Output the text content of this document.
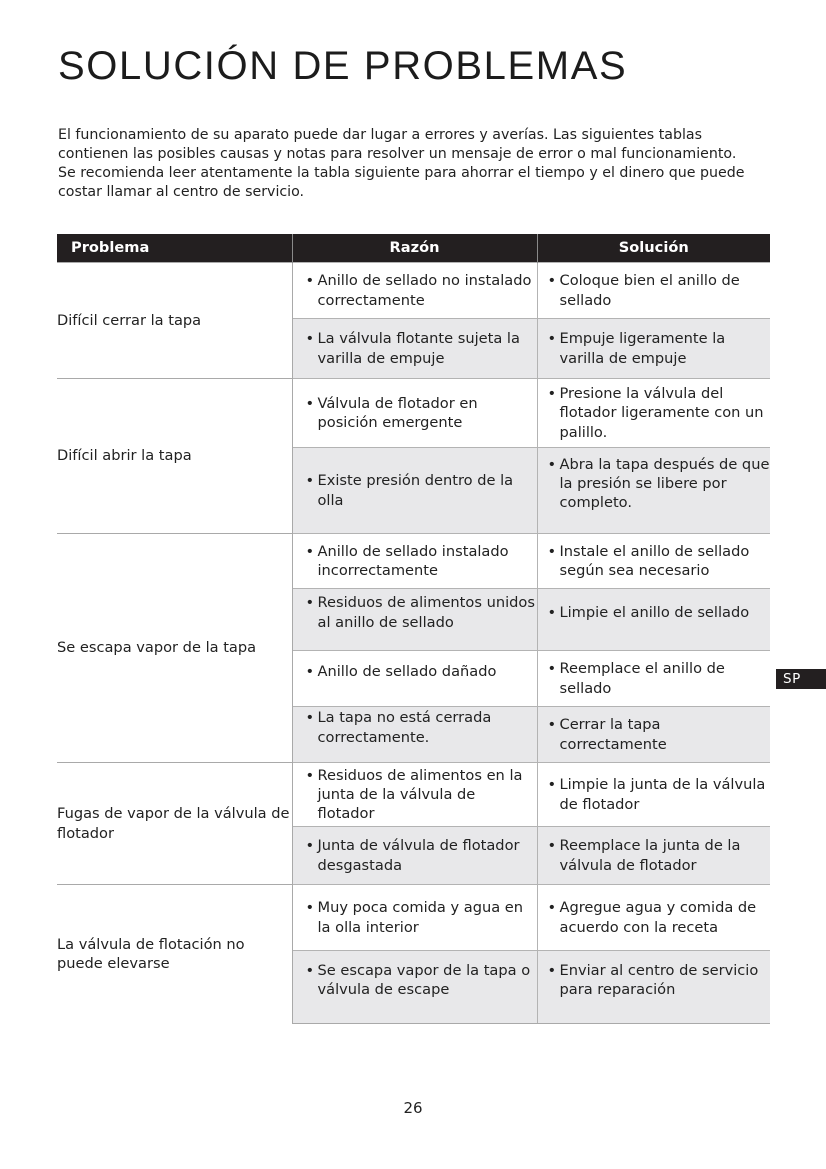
SOLUCIÓN DE PROBLEMAS

El funcionamiento de su aparato puede dar lugar a errores y averías. Las siguientes tablas contienen las posibles causas y notas para resolver un mensaje de error o mal funcionamiento. Se recomienda leer atentamente la tabla siguiente para ahorrar el tiempo y el dinero que puede costar llamar al centro de servicio.

Problema	Razón	Solución
Difícil cerrar la tapa	• Anillo de sellado no instalado correctamente	• Coloque bien el anillo de sellado

	• La válvula flotante sujeta la varilla de empuje	• Empuje ligeramente la varilla de empuje

Difícil abrir la tapa	• Válvula de flotador en posición emergente	• Presione la válvula del flotador ligeramente con un palillo.

	• Existe presión dentro de la olla	• Abra la tapa después de que la presión se libere por completo.

Se escapa vapor de la tapa	• Anillo de sellado instalado incorrectamente	• Instale el anillo de sellado según sea necesario

	• Residuos de alimentos unidos al anillo de sellado	• Limpie el anillo de sellado

	• Anillo de sellado dañado	• Reemplace el anillo de sellado

	• La tapa no está cerrada correctamente.	• Cerrar la tapa correctamente

Fugas de vapor de la válvula de flotador	• Residuos de alimentos en la junta de la válvula de flotador	• Limpie la junta de la válvula de flotador

	• Junta de válvula de flotador desgastada	• Reemplace la junta de la válvula de flotador

La válvula de flotación no puede elevarse	• Muy poca comida y agua en la olla interior	• Agregue agua y comida de acuerdo con la receta

	• Se escapa vapor de la tapa o válvula de escape	• Enviar al centro de servicio para reparación
SP
26
